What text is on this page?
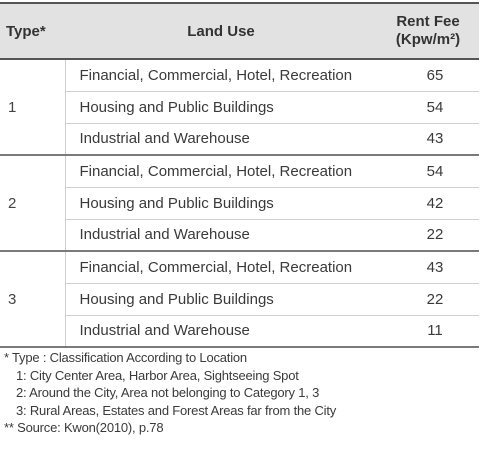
Type*	Land Use	Rent Fee
(Kpw/m²)
1	Financial, Commercial, Hotel, Recreation	65
	Housing and Public Buildings	54
	Industrial and Warehouse	43
2	Financial, Commercial, Hotel, Recreation	54
	Housing and Public Buildings	42
	Industrial and Warehouse	22
3	Financial, Commercial, Hotel, Recreation	43
	Housing and Public Buildings	22
	Industrial and Warehouse	11
* Type : Classification According to Location
1: City Center Area, Harbor Area, Sightseeing Spot
2: Around the City, Area not belonging to Category 1, 3
3: Rural Areas, Estates and Forest Areas far from the City
** Source: Kwon(2010), p.78
